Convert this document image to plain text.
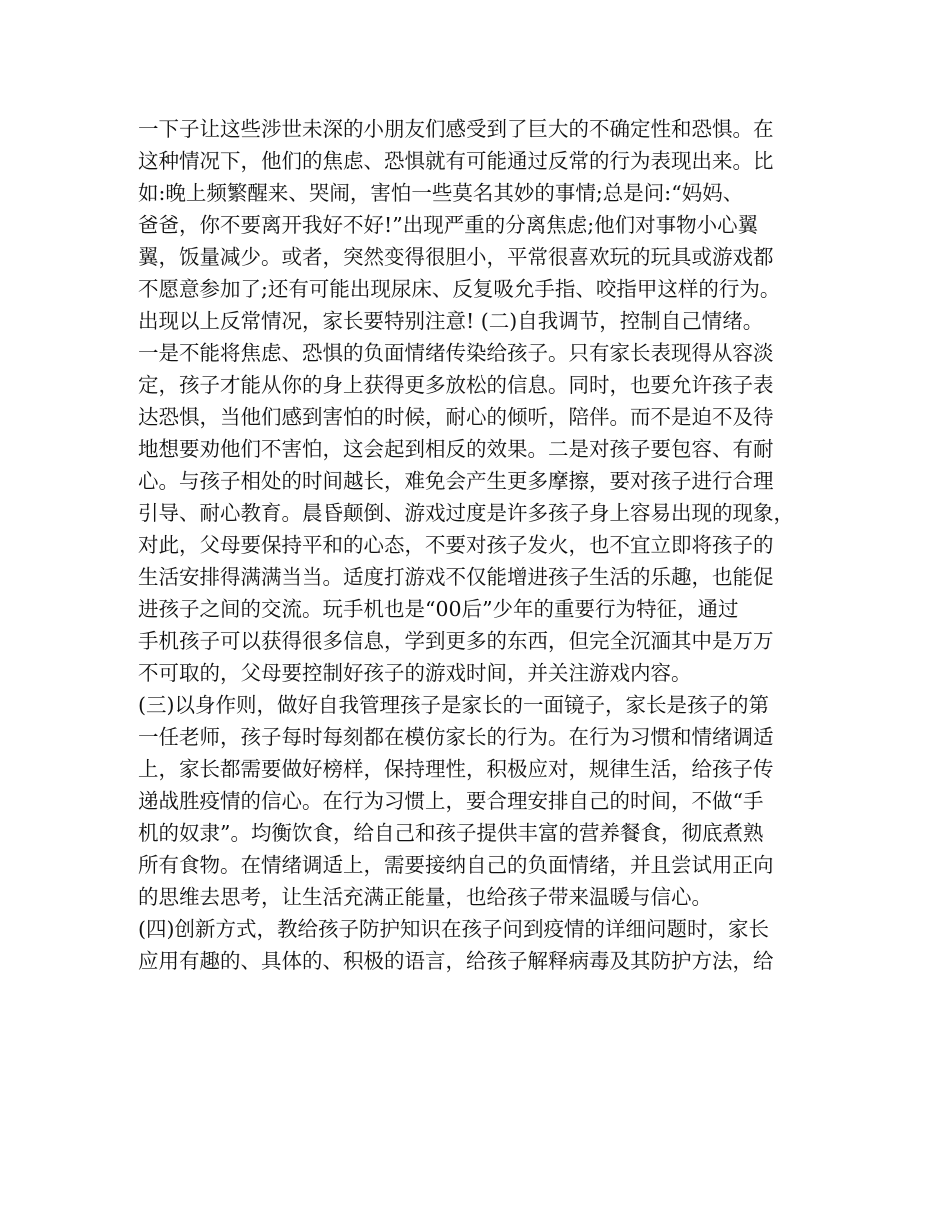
一下子让这些涉世未深的小朋友们感受到了巨大的不确定性和恐惧。在
这种情况下，他们的焦虑、恐惧就有可能通过反常的行为表现出来。比
如:晚上频繁醒来、哭闹，害怕一些莫名其妙的事情;总是问:“妈妈、
爸爸，你不要离开我好不好!”出现严重的分离焦虑;他们对事物小心翼
翼，饭量减少。或者，突然变得很胆小，平常很喜欢玩的玩具或游戏都
不愿意参加了;还有可能出现尿床、反复吸允手指、咬指甲这样的行为。
出现以上反常情况，家长要特别注意! (二)自我调节，控制自己情绪。
一是不能将焦虑、恐惧的负面情绪传染给孩子。只有家长表现得从容淡
定，孩子才能从你的身上获得更多放松的信息。同时，也要允许孩子表
达恐惧，当他们感到害怕的时候，耐心的倾听，陪伴。而不是迫不及待
地想要劝他们不害怕，这会起到相反的效果。二是对孩子要包容、有耐
心。与孩子相处的时间越长，难免会产生更多摩擦，要对孩子进行合理
引导、耐心教育。晨昏颠倒、游戏过度是许多孩子身上容易出现的现象，
对此，父母要保持平和的心态，不要对孩子发火，也不宜立即将孩子的
生活安排得满满当当。适度打游戏不仅能增进孩子生活的乐趣，也能促
进孩子之间的交流。玩手机也是“00后”少年的重要行为特征，通过
手机孩子可以获得很多信息，学到更多的东西，但完全沉湎其中是万万
不可取的，父母要控制好孩子的游戏时间，并关注游戏内容。
(三)以身作则，做好自我管理孩子是家长的一面镜子，家长是孩子的第
一任老师，孩子每时每刻都在模仿家长的行为。在行为习惯和情绪调适
上，家长都需要做好榜样，保持理性，积极应对，规律生活，给孩子传
递战胜疫情的信心。在行为习惯上，要合理安排自己的时间，不做“手
机的奴隶”。均衡饮食，给自己和孩子提供丰富的营养餐食，彻底煮熟
所有食物。在情绪调适上，需要接纳自己的负面情绪，并且尝试用正向
的思维去思考，让生活充满正能量，也给孩子带来温暖与信心。
(四)创新方式，教给孩子防护知识在孩子问到疫情的详细问题时，家长
应用有趣的、具体的、积极的语言，给孩子解释病毒及其防护方法，给
